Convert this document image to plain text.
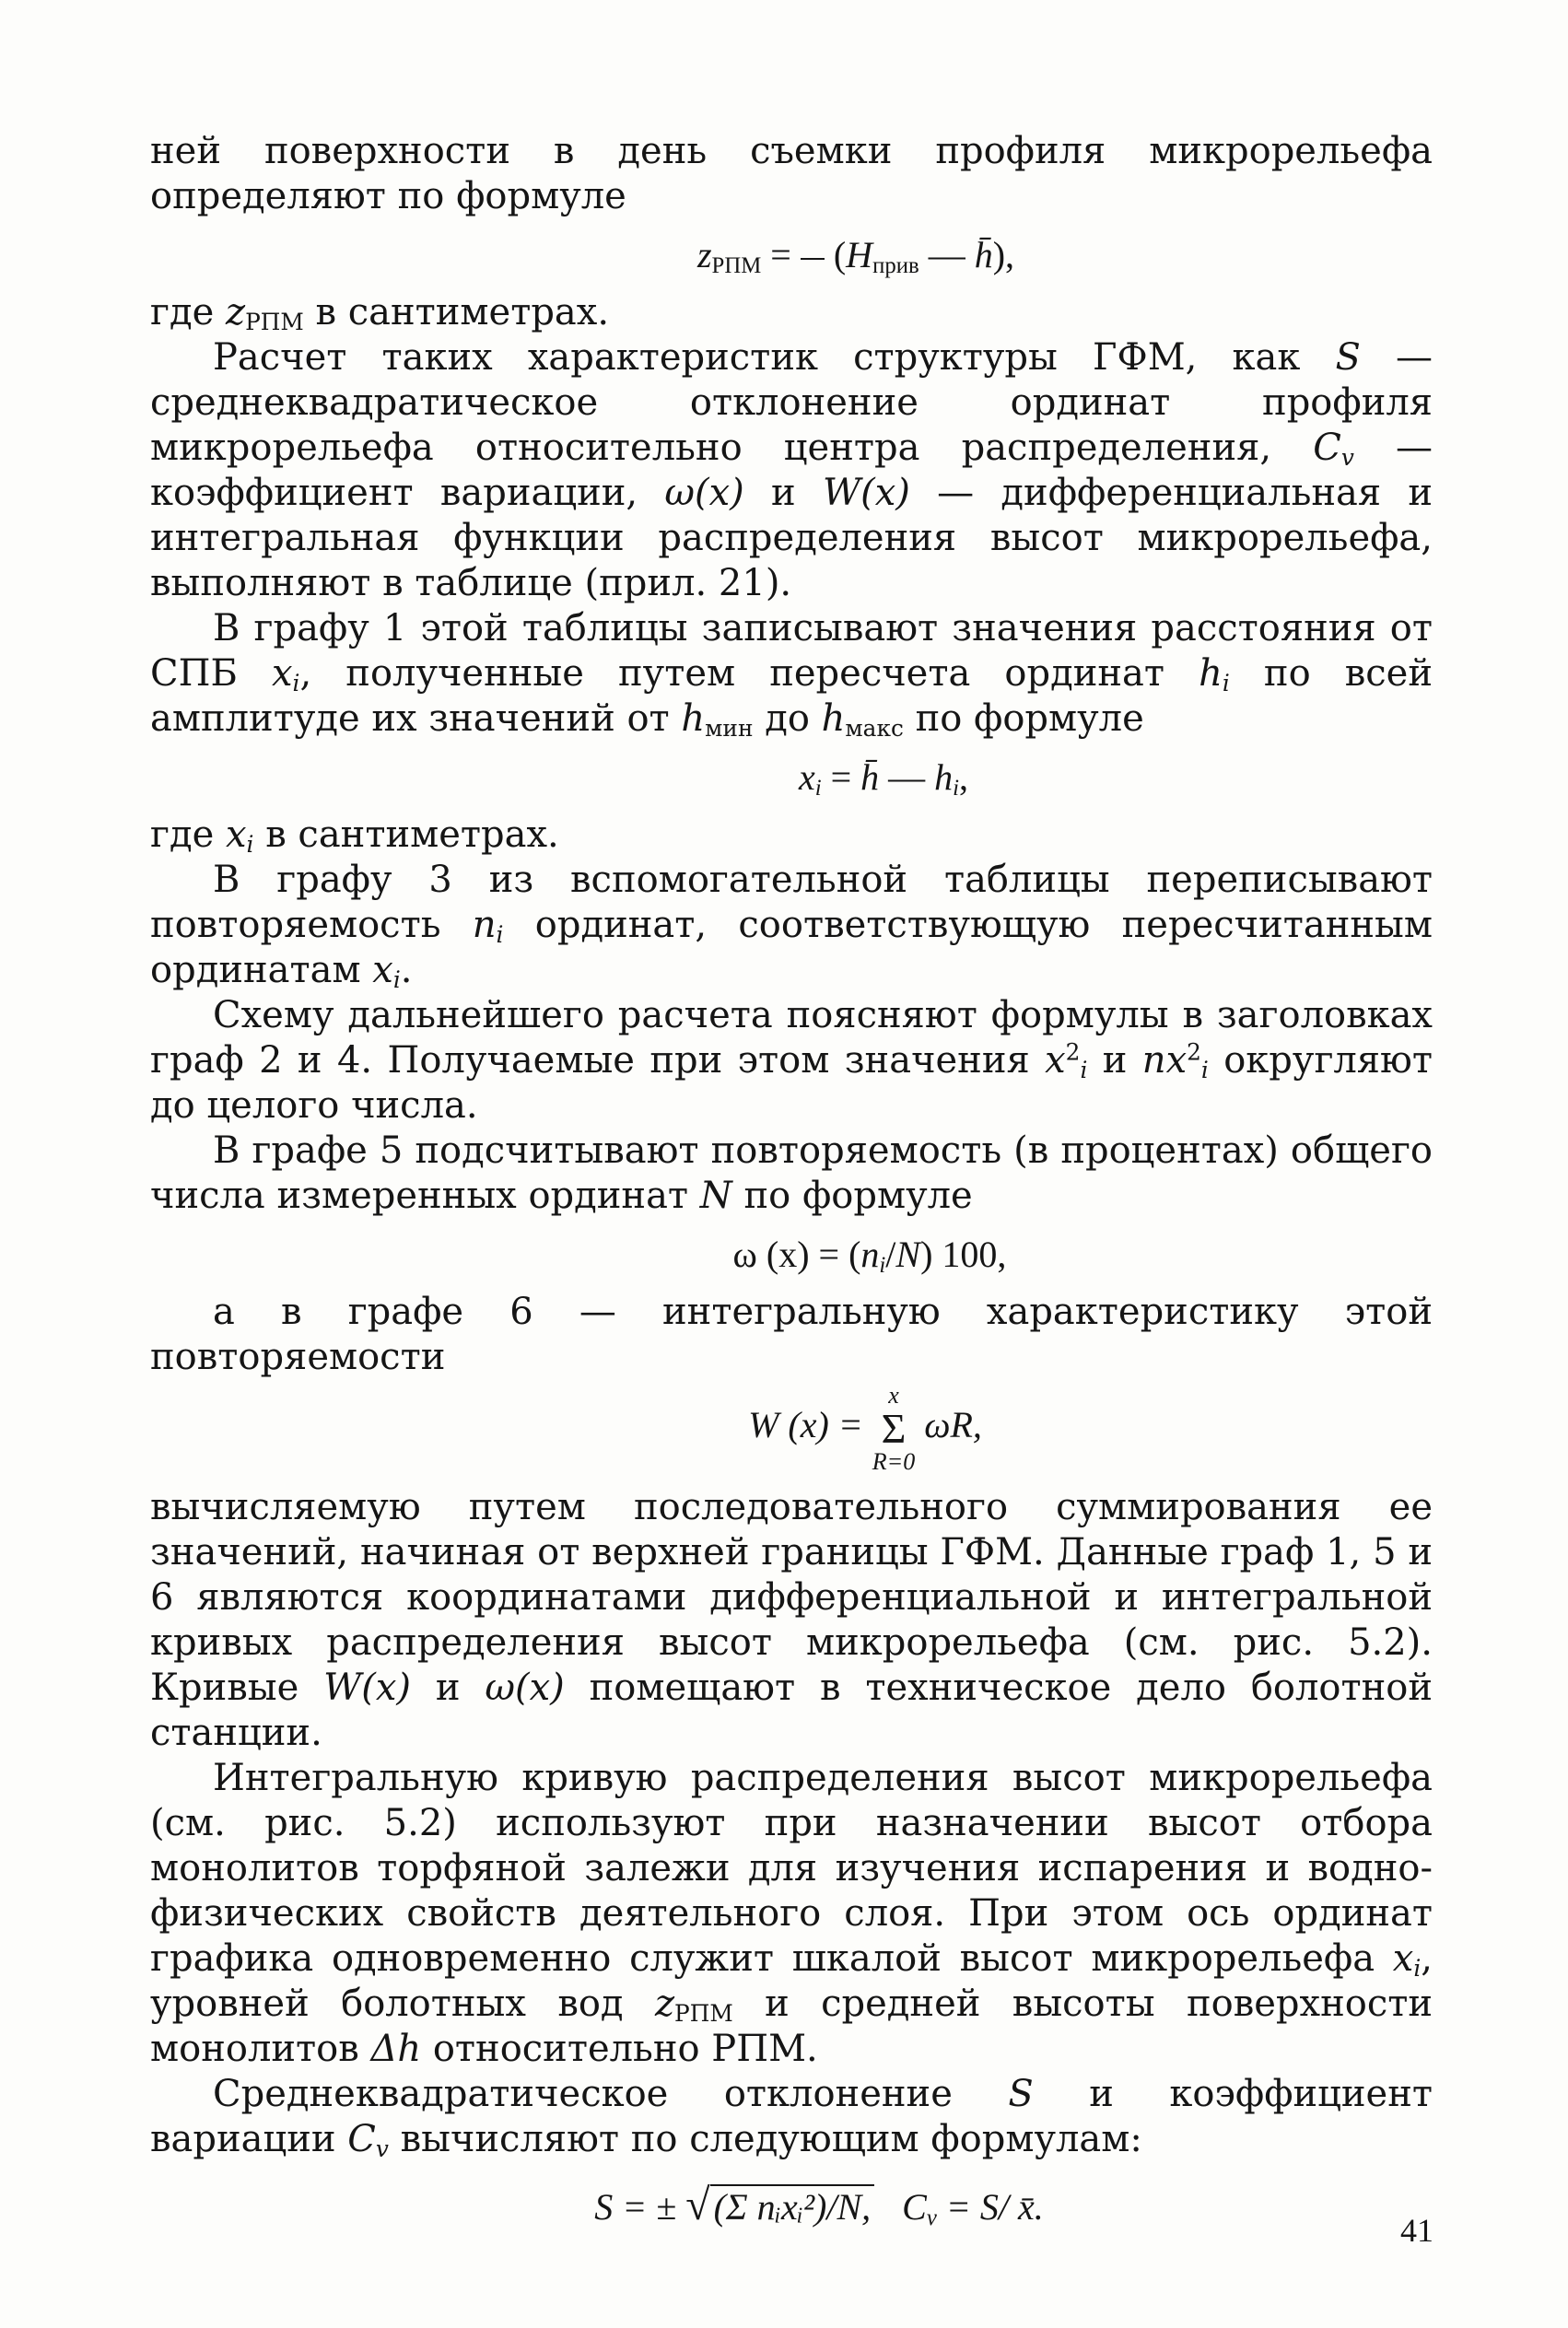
ней поверхности в день съемки профиля микрорельефа определяют по формуле

$z_{РПМ} = (H_{прив}$ — h̄),

где $z_{РПМ}$ в сантиметрах.

Расчет таких характеристик структуры ГФМ, как S — среднеквадратическое отклонение ординат профиля микрорельефа относительно центра распределения, $C_v$ — коэффициент вариации, ω(x) и W(x) — дифференциальная и интегральная функции распределения высот микрорельефа, выполняют в таблице (прил. 21).

В графу 1 этой таблицы записывают значения расстояния от СПБ $x_i$, полученные путем пересчета ординат $h_i$ по всей амплитуде их значений от $h_{мин}$ до $h_{макс}$ по формуле

$x_i$ = h̄ — $h_i$,

где $x_i$ в сантиметрах.

В графу 3 из вспомогательной таблицы переписывают повторяемость $n_i$ ординат, соответствующую пересчитанным ординатам $x_i$.

Схему дальнейшего расчета поясняют формулы в заголовках граф 2 и 4. Получаемые при этом значения $x^2_i$ и $nx^2_i$ округляют до целого числа.

В графе 5 подсчитывают повторяемость (в процентах) общего числа измеренных ординат N по формуле

ω $(x) = (n_i/N)$ 100,

а в графе 6 — интегральную характеристику этой повторяемости

W (x) =
x
Σ
R=0
ωR,

вычисляемую путем последовательного суммирования ее значений, начиная от верхней границы ГФМ. Данные граф 1, 5 и 6 являются координатами дифференциальной и интегральной кривых распределения высот микрорельефа (см. рис. 5.2). Кривые W(x) и ω(x) помещают в техническое дело болотной станции.

Интегральную кривую распределения высот микрорельефа (см. рис. 5.2) используют при назначении высот отбора монолитов торфяной залежи для изучения испарения и водно-физических свойств деятельного слоя. При этом ось ординат графика одновременно служит шкалой высот микрорельефа $x_i$, уровней болотных вод $z_{РПМ}$ и средней высоты поверхности монолитов Δh относительно РПМ.

Среднеквадратическое отклонение S и коэффициент вариации $C_v$ вычисляют по следующим формулам:

S = ± √ (Σ nᵢxᵢ²)/N, $C_v = S/$ x̄.
41
